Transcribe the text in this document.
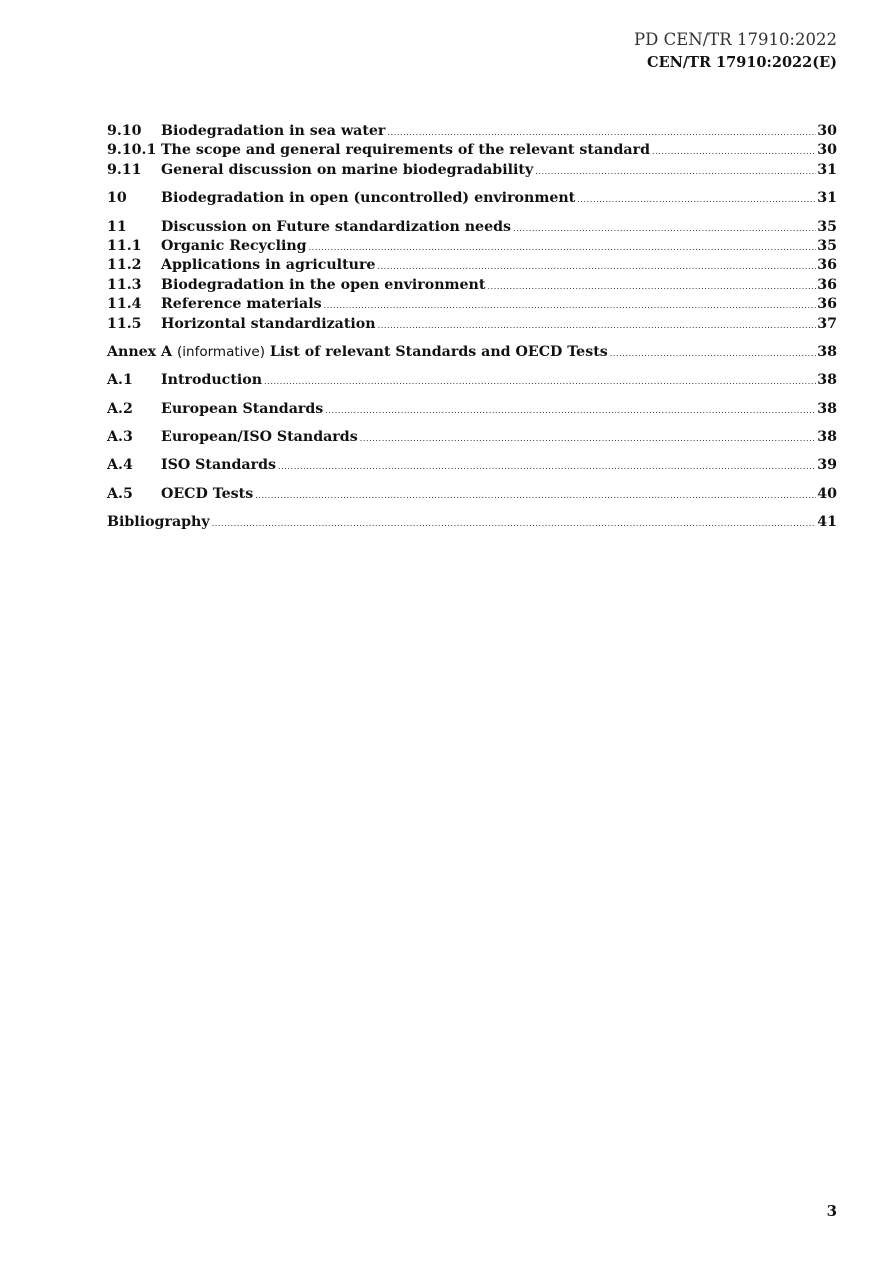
PD CEN/TR 17910:2022
CEN/TR 17910:2022(E)
9.10	Biodegradation in sea water .....	30
9.10.1 The scope and general requirements of the relevant standard .....	30
9.11	General discussion on marine biodegradability .....	31
10	Biodegradation in open (uncontrolled) environment .....	31
11	Discussion on Future standardization needs .....	35
11.1	Organic Recycling .....	35
11.2	Applications in agriculture .....	36
11.3	Biodegradation in the open environment .....	36
11.4	Reference materials .....	36
11.5	Horizontal standardization .....	37
Annex A (informative) List of relevant Standards and OECD Tests .....	38
A.1	Introduction .....	38
A.2	European Standards .....	38
A.3	European/ISO Standards .....	38
A.4	ISO Standards .....	39
A.5	OECD Tests .....	40
Bibliography .....	41
3
